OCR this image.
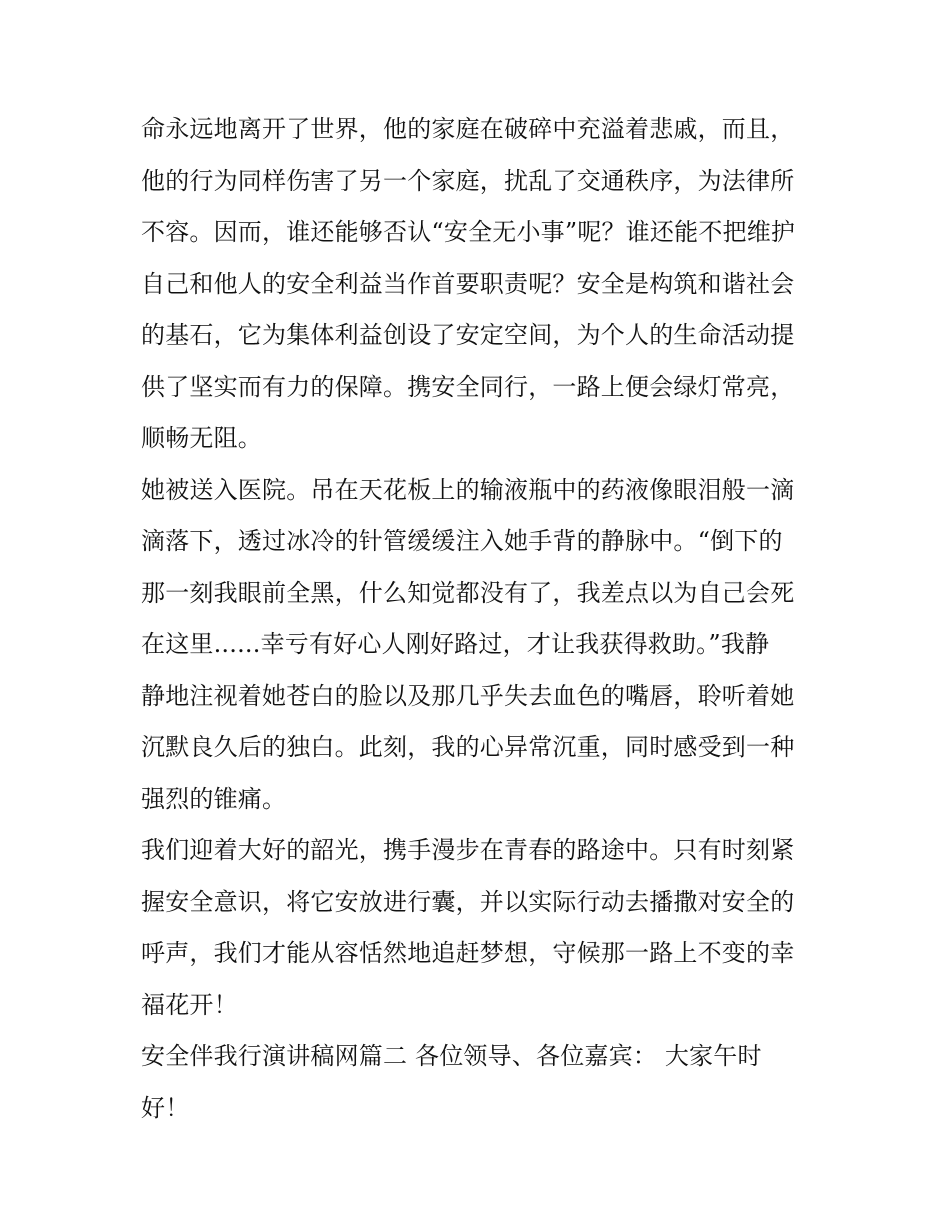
命永远地离开了世界，他的家庭在破碎中充溢着悲戚，而且，
他的行为同样伤害了另一个家庭，扰乱了交通秩序，为法律所
不容。因而，谁还能够否认“安全无小事”呢？谁还能不把维护
自己和他人的安全利益当作首要职责呢？安全是构筑和谐社会
的基石，它为集体利益创设了安定空间，为个人的生命活动提
供了坚实而有力的保障。携安全同行，一路上便会绿灯常亮，
顺畅无阻。

她被送入医院。吊在天花板上的输液瓶中的药液像眼泪般一滴
滴落下，透过冰冷的针管缓缓注入她手背的静脉中。“倒下的
那一刻我眼前全黑，什么知觉都没有了，我差点以为自己会死
在这里......幸亏有好心人刚好路过，才让我获得救助。”我静
静地注视着她苍白的脸以及那几乎失去血色的嘴唇，聆听着她
沉默良久后的独白。此刻，我的心异常沉重，同时感受到一种
强烈的锥痛。

我们迎着大好的韶光，携手漫步在青春的路途中。只有时刻紧
握安全意识，将它安放进行囊，并以实际行动去播撒对安全的
呼声，我们才能从容恬然地追赶梦想，守候那一路上不变的幸
福花开！

安全伴我行演讲稿网篇二 各位领导、各位嘉宾： 大家午时
好！
